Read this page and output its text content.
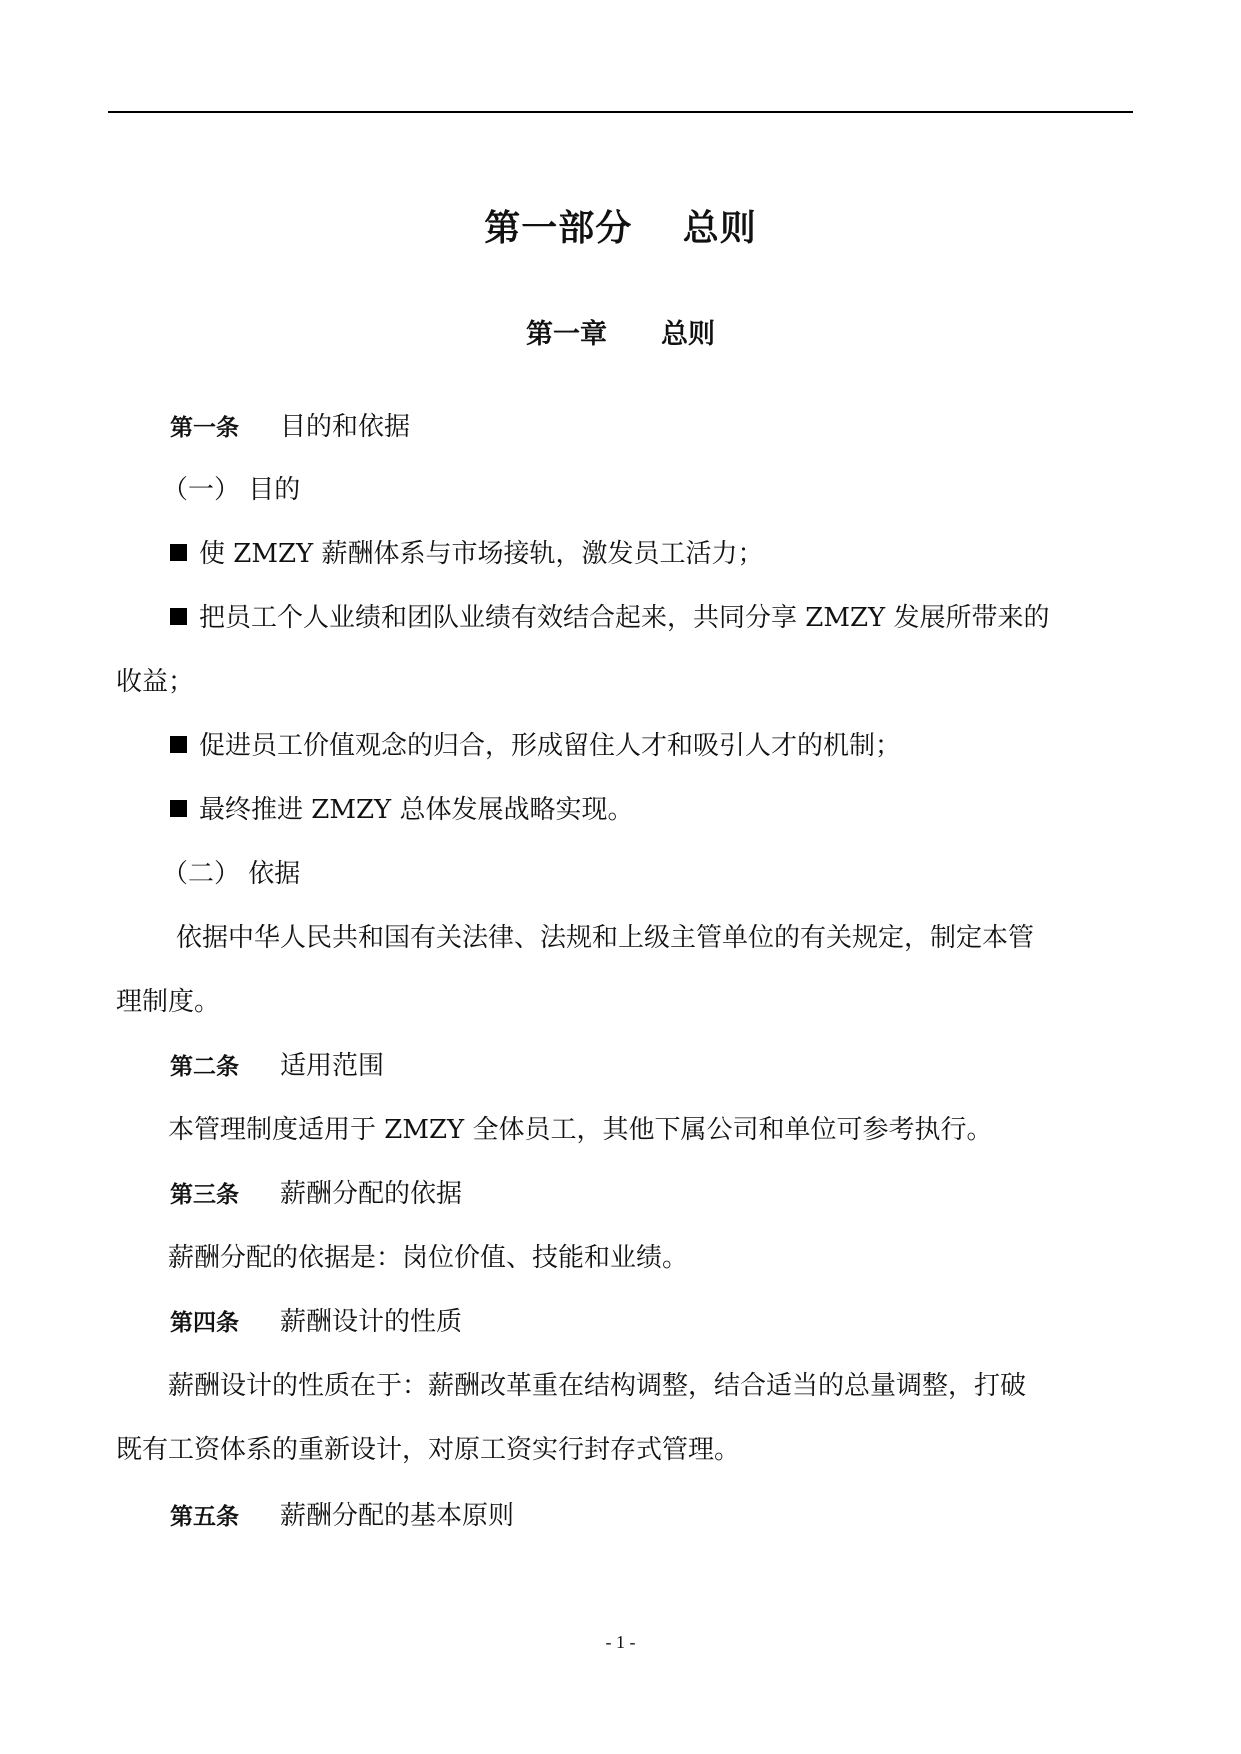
第一部分　 总则
第一章　　总则
第一条 目的和依据
（一） 目的
使 ZMZY 薪酬体系与市场接轨，激发员工活力；
把员工个人业绩和团队业绩有效结合起来，共同分享 ZMZY 发展所带来的
收益；
促进员工价值观念的归合，形成留住人才和吸引人才的机制；
最终推进 ZMZY 总体发展战略实现。
（二） 依据
依据中华人民共和国有关法律、法规和上级主管单位的有关规定，制定本管
理制度。
第二条 适用范围
本管理制度适用于 ZMZY 全体员工，其他下属公司和单位可参考执行。
第三条 薪酬分配的依据
薪酬分配的依据是：岗位价值、技能和业绩。
第四条 薪酬设计的性质
薪酬设计的性质在于：薪酬改革重在结构调整，结合适当的总量调整，打破
既有工资体系的重新设计，对原工资实行封存式管理。
第五条 薪酬分配的基本原则
- 1 -
